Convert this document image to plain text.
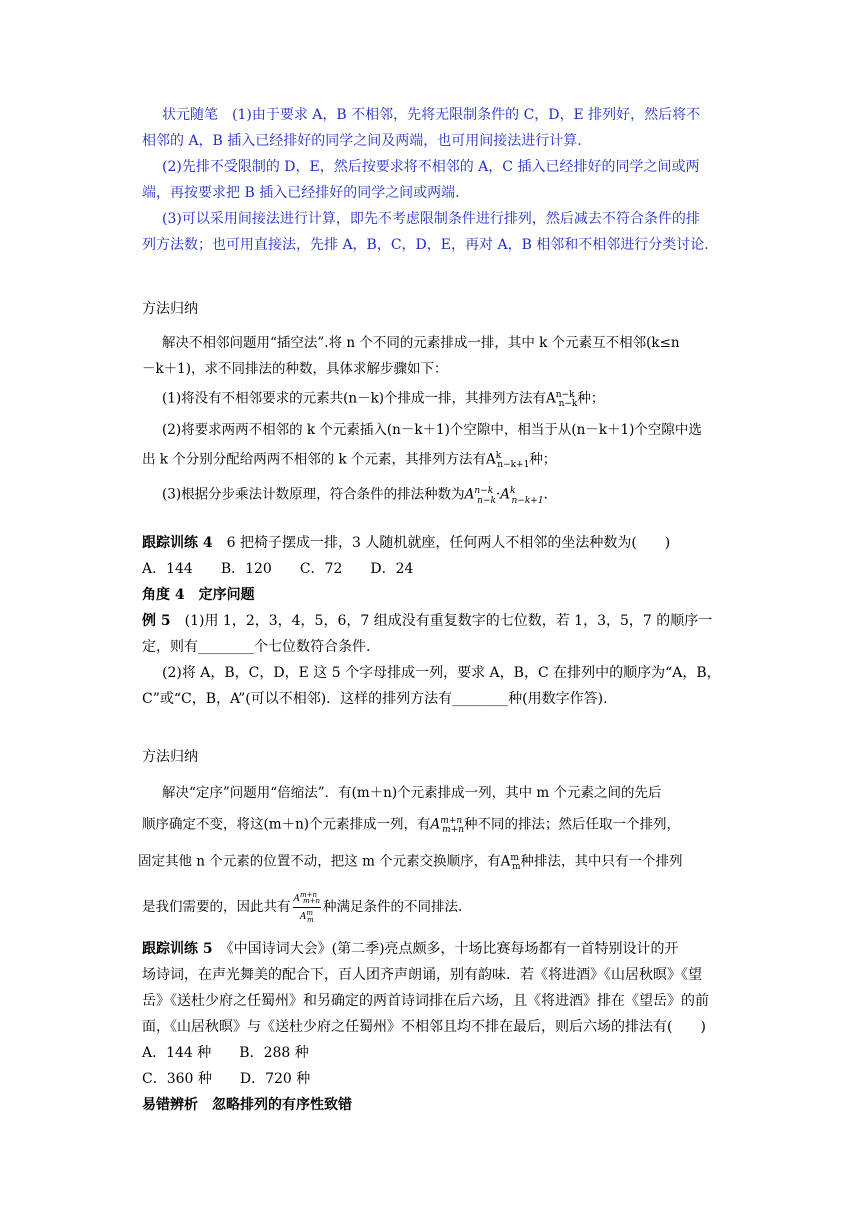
状元随笔　(1)由于要求 A，B 不相邻，先将无限制条件的 C，D，E 排列好，然后将不
相邻的 A，B 插入已经排好的同学之间及两端，也可用间接法进行计算.
(2)先排不受限制的 D，E，然后按要求将不相邻的 A，C 插入已经排好的同学之间或两
端，再按要求把 B 插入已经排好的同学之间或两端.
(3)可以采用间接法进行计算，即先不考虑限制条件进行排列，然后减去不符合条件的排
列方法数；也可用直接法，先排 A，B，C，D，E，再对 A，B 相邻和不相邻进行分类讨论.
方法归纳
解决不相邻问题用“插空法”.将 n 个不同的元素排成一排，其中 k 个元素互不相邻(k≤n
－k＋1)，求不同排法的种数，具体求解步骤如下：
(1)将没有不相邻要求的元素共(n－k)个排成一排，其排列方法有$A^{n-k}_{n-k}$种；
(2)将要求两两不相邻的 k 个元素插入(n－k＋1)个空隙中，相当于从(n－k＋1)个空隙中选
出 k 个分别分配给两两不相邻的 k 个元素，其排列方法有$A^k_{n-k+1}$种；
(3)根据分步乘法计数原理，符合条件的排法种数为$A^{n-k}_{n-k}\cdot A^k_{n-k+1}$.
跟踪训练 4　6 把椅子摆成一排，3 人随机就座，任何两人不相邻的坐法种数为(　　)
A．144　　B．120　　C．72　　D．24
角度 4　定序问题
例 5　(1)用 1，2，3，4，5，6，7 组成没有重复数字的七位数，若 1，3，5，7 的顺序一
定，则有________个七位数符合条件.
(2)将 A，B，C，D，E 这 5 个字母排成一列，要求 A，B，C 在排列中的顺序为“A，B，
C”或“C，B，A”(可以不相邻)．这样的排列方法有________种(用数字作答).
方法归纳
解决“定序”问题用“倍缩法”．有(m＋n)个元素排成一列，其中 m 个元素之间的先后
顺序确定不变，将这(m＋n)个元素排成一列，有$A^{m+n}_{m+n}$种不同的排法；然后任取一个排列，
固定其他 n 个元素的位置不动，把这 m 个元素交换顺序，有$A^m_m$种排法，其中只有一个排列
是我们需要的，因此共有 $\frac{A^{m+n}_{m+n}}{A^m_m}$ 种满足条件的不同排法.
跟踪训练 5　《中国诗词大会》(第二季)亮点颇多，十场比赛每场都有一首特别设计的开
场诗词，在声光舞美的配合下，百人团齐声朗诵，别有韵味．若《将进酒》《山居秋暝》《望
岳》《送杜少府之任蜀州》和另确定的两首诗词排在后六场，且《将进酒》排在《望岳》的前
面，《山居秋暝》与《送杜少府之任蜀州》不相邻且均不排在最后，则后六场的排法有(　　)
A．144 种　　B．288 种
C．360 种　　D．720 种
易错辨析　忽略排列的有序性致错
